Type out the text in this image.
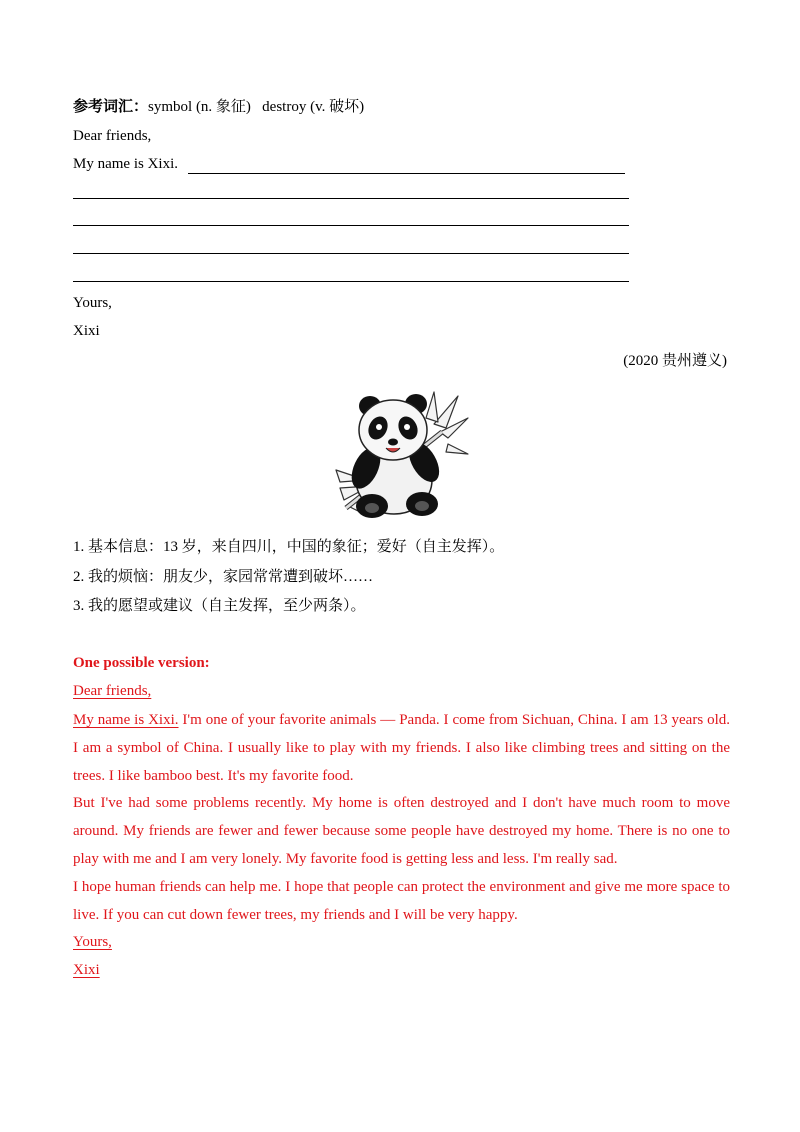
参考词汇：symbol (n. 象征)   destroy (v. 破坏)
Dear friends,
My name is Xixi.
Yours,
Xixi
(2020 贵州遵义)
1. 基本信息：13 岁，来自四川，中国的象征；爱好（自主发挥）。
2. 我的烦恼：朋友少，家园常常遭到破坏……
3. 我的愿望或建议（自主发挥，至少两条）。
One possible version:
Dear friends,

My name is Xixi. I'm one of your favorite animals — Panda. I come from Sichuan, China. I am 13 years old. I am a symbol of China. I usually like to play with my friends. I also like climbing trees and sitting on the trees. I like bamboo best. It's my favorite food.

But I've had some problems recently. My home is often destroyed and I don't have much room to move around. My friends are fewer and fewer because some people have destroyed my home. There is no one to play with me and I am very lonely. My favorite food is getting less and less. I'm really sad.

I hope human friends can help me. I hope that people can protect the environment and give me more space to live. If you can cut down fewer trees, my friends and I will be very happy.

Yours,

Xixi
